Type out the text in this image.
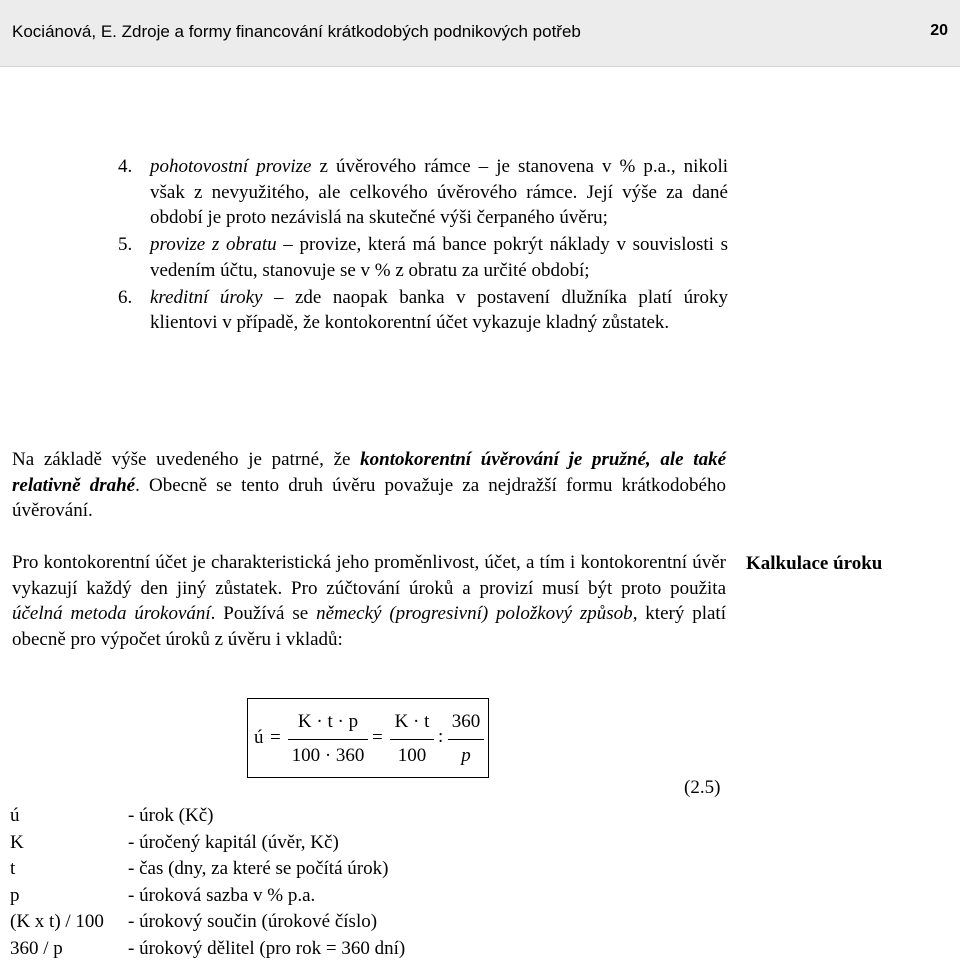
Kociánová, E. Zdroje a formy financování krátkodobých podnikových potřeb	20
4. pohotovostní provize z úvěrového rámce – je stanovena v % p.a., nikoli však z nevyužitého, ale celkového úvěrového rámce. Její výše za dané období je proto nezávislá na skutečné výši čerpaného úvěru;
5. provize z obratu – provize, která má bance pokrýt náklady v souvislosti s vedením účtu, stanovuje se v % z obratu za určité období;
6. kreditní úroky – zde naopak banka v postavení dlužníka platí úroky klientovi v případě, že kontokorentní účet vykazuje kladný zůstatek.

Na základě výše uvedeného je patrné, že kontokorentní úvěrování je pružné, ale také relativně drahé. Obecně se tento druh úvěru považuje za nejdražší formu krátkodobého úvěrování.

Pro kontokorentní účet je charakteristická jeho proměnlivost, účet, a tím i kontokorentní úvěr vykazují každý den jiný zůstatek. Pro zúčtování úroků a provizí musí být proto použita účelná metoda úrokování. Používá se německý (progresivní) položkový způsob, který platí obecně pro výpočet úroků z úvěru i vkladů:

Kalkulace úroku
ú =
K · t · p
100 · 360
=
K · t
100
:
360
p
(2.5)
ú	- úrok (Kč)
K	- úročený kapitál (úvěr, Kč)
t	- čas (dny, za které se počítá úrok)
p	- úroková sazba v % p.a.
(K x t) / 100	- úrokový součin (úrokové číslo)
360 / p	- úrokový dělitel (pro rok = 360 dní)
